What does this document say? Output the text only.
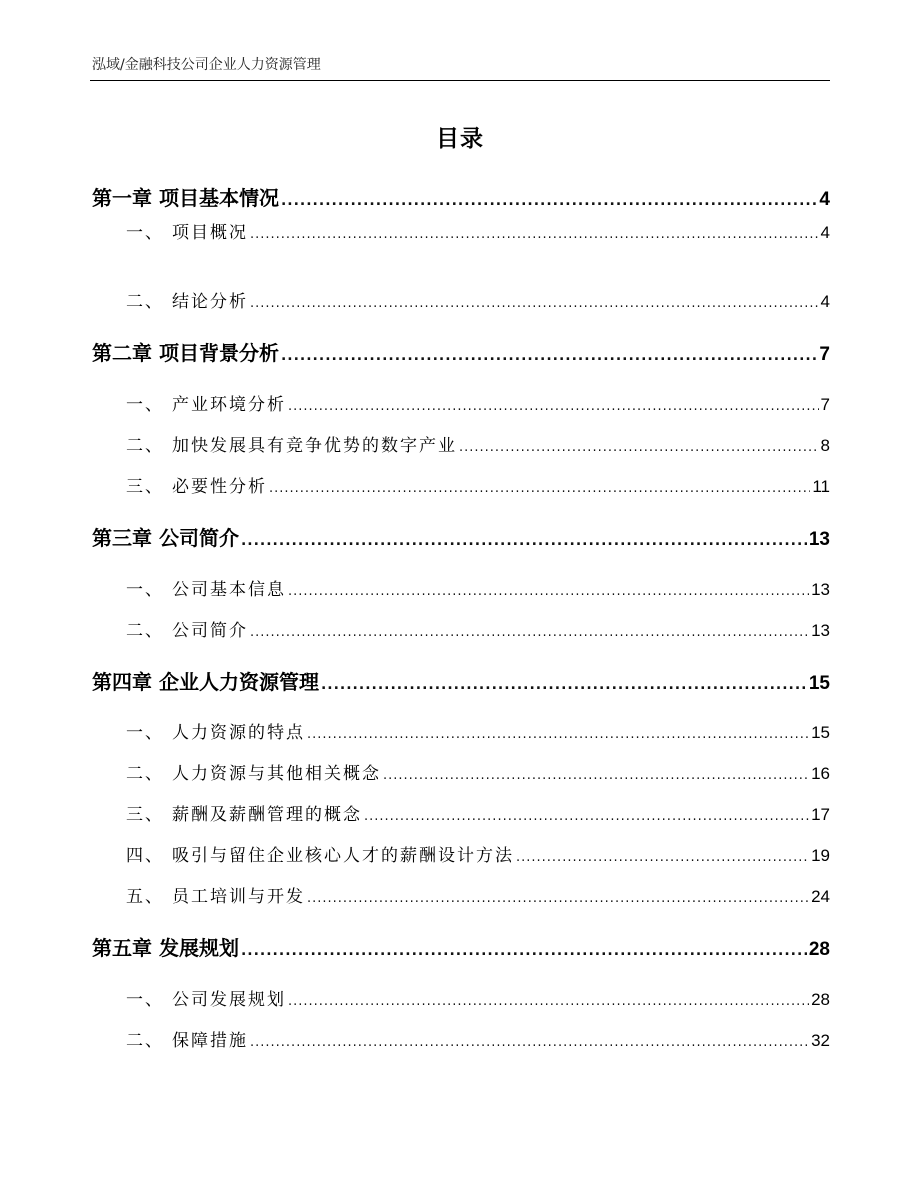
泓域/金融科技公司企业人力资源管理
目录
第一章 项目基本情况 .....	4
一、 项目概况 .....	4
二、 结论分析 .....	4
第二章 项目背景分析 .....	7
一、 产业环境分析 .....	7
二、 加快发展具有竞争优势的数字产业 .....	8
三、 必要性分析 .....	11
第三章 公司简介 .....	13
一、 公司基本信息 .....	13
二、 公司简介 .....	13
第四章 企业人力资源管理 .....	15
一、 人力资源的特点 .....	15
二、 人力资源与其他相关概念 .....	16
三、 薪酬及薪酬管理的概念 .....	17
四、 吸引与留住企业核心人才的薪酬设计方法 .....	19
五、 员工培训与开发 .....	24
第五章 发展规划 .....	28
一、 公司发展规划 .....	28
二、 保障措施 .....	32
